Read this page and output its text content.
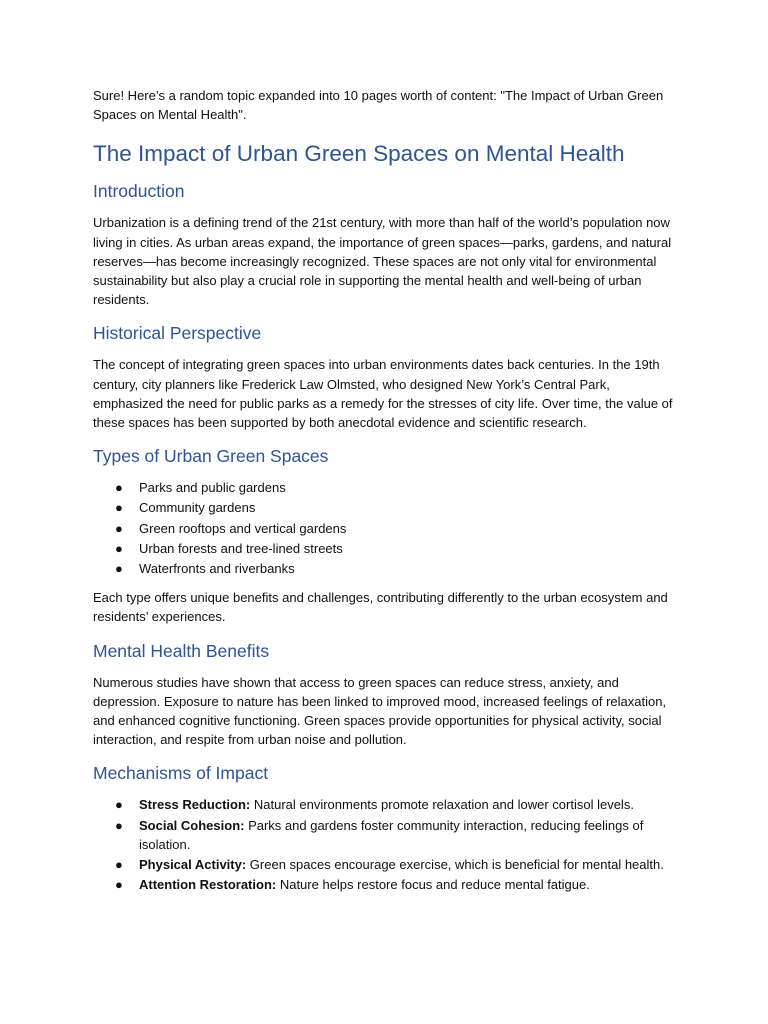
Sure! Here’s a random topic expanded into 10 pages worth of content: "The Impact of Urban Green Spaces on Mental Health".

The Impact of Urban Green Spaces on Mental Health
Introduction

Urbanization is a defining trend of the 21st century, with more than half of the world’s population now living in cities. As urban areas expand, the importance of green spaces—parks, gardens, and natural reserves—has become increasingly recognized. These spaces are not only vital for environmental sustainability but also play a crucial role in supporting the mental health and well-being of urban residents.

Historical Perspective

The concept of integrating green spaces into urban environments dates back centuries. In the 19th century, city planners like Frederick Law Olmsted, who designed New York’s Central Park, emphasized the need for public parks as a remedy for the stresses of city life. Over time, the value of these spaces has been supported by both anecdotal evidence and scientific research.

Types of Urban Green Spaces
● Parks and public gardens
● Community gardens
● Green rooftops and vertical gardens
● Urban forests and tree-lined streets
● Waterfronts and riverbanks

Each type offers unique benefits and challenges, contributing differently to the urban ecosystem and residents’ experiences.

Mental Health Benefits

Numerous studies have shown that access to green spaces can reduce stress, anxiety, and depression. Exposure to nature has been linked to improved mood, increased feelings of relaxation, and enhanced cognitive functioning. Green spaces provide opportunities for physical activity, social interaction, and respite from urban noise and pollution.

Mechanisms of Impact
● Stress Reduction: Natural environments promote relaxation and lower cortisol levels.
● Social Cohesion: Parks and gardens foster community interaction, reducing feelings of isolation.
● Physical Activity: Green spaces encourage exercise, which is beneficial for mental health.
● Attention Restoration: Nature helps restore focus and reduce mental fatigue.
